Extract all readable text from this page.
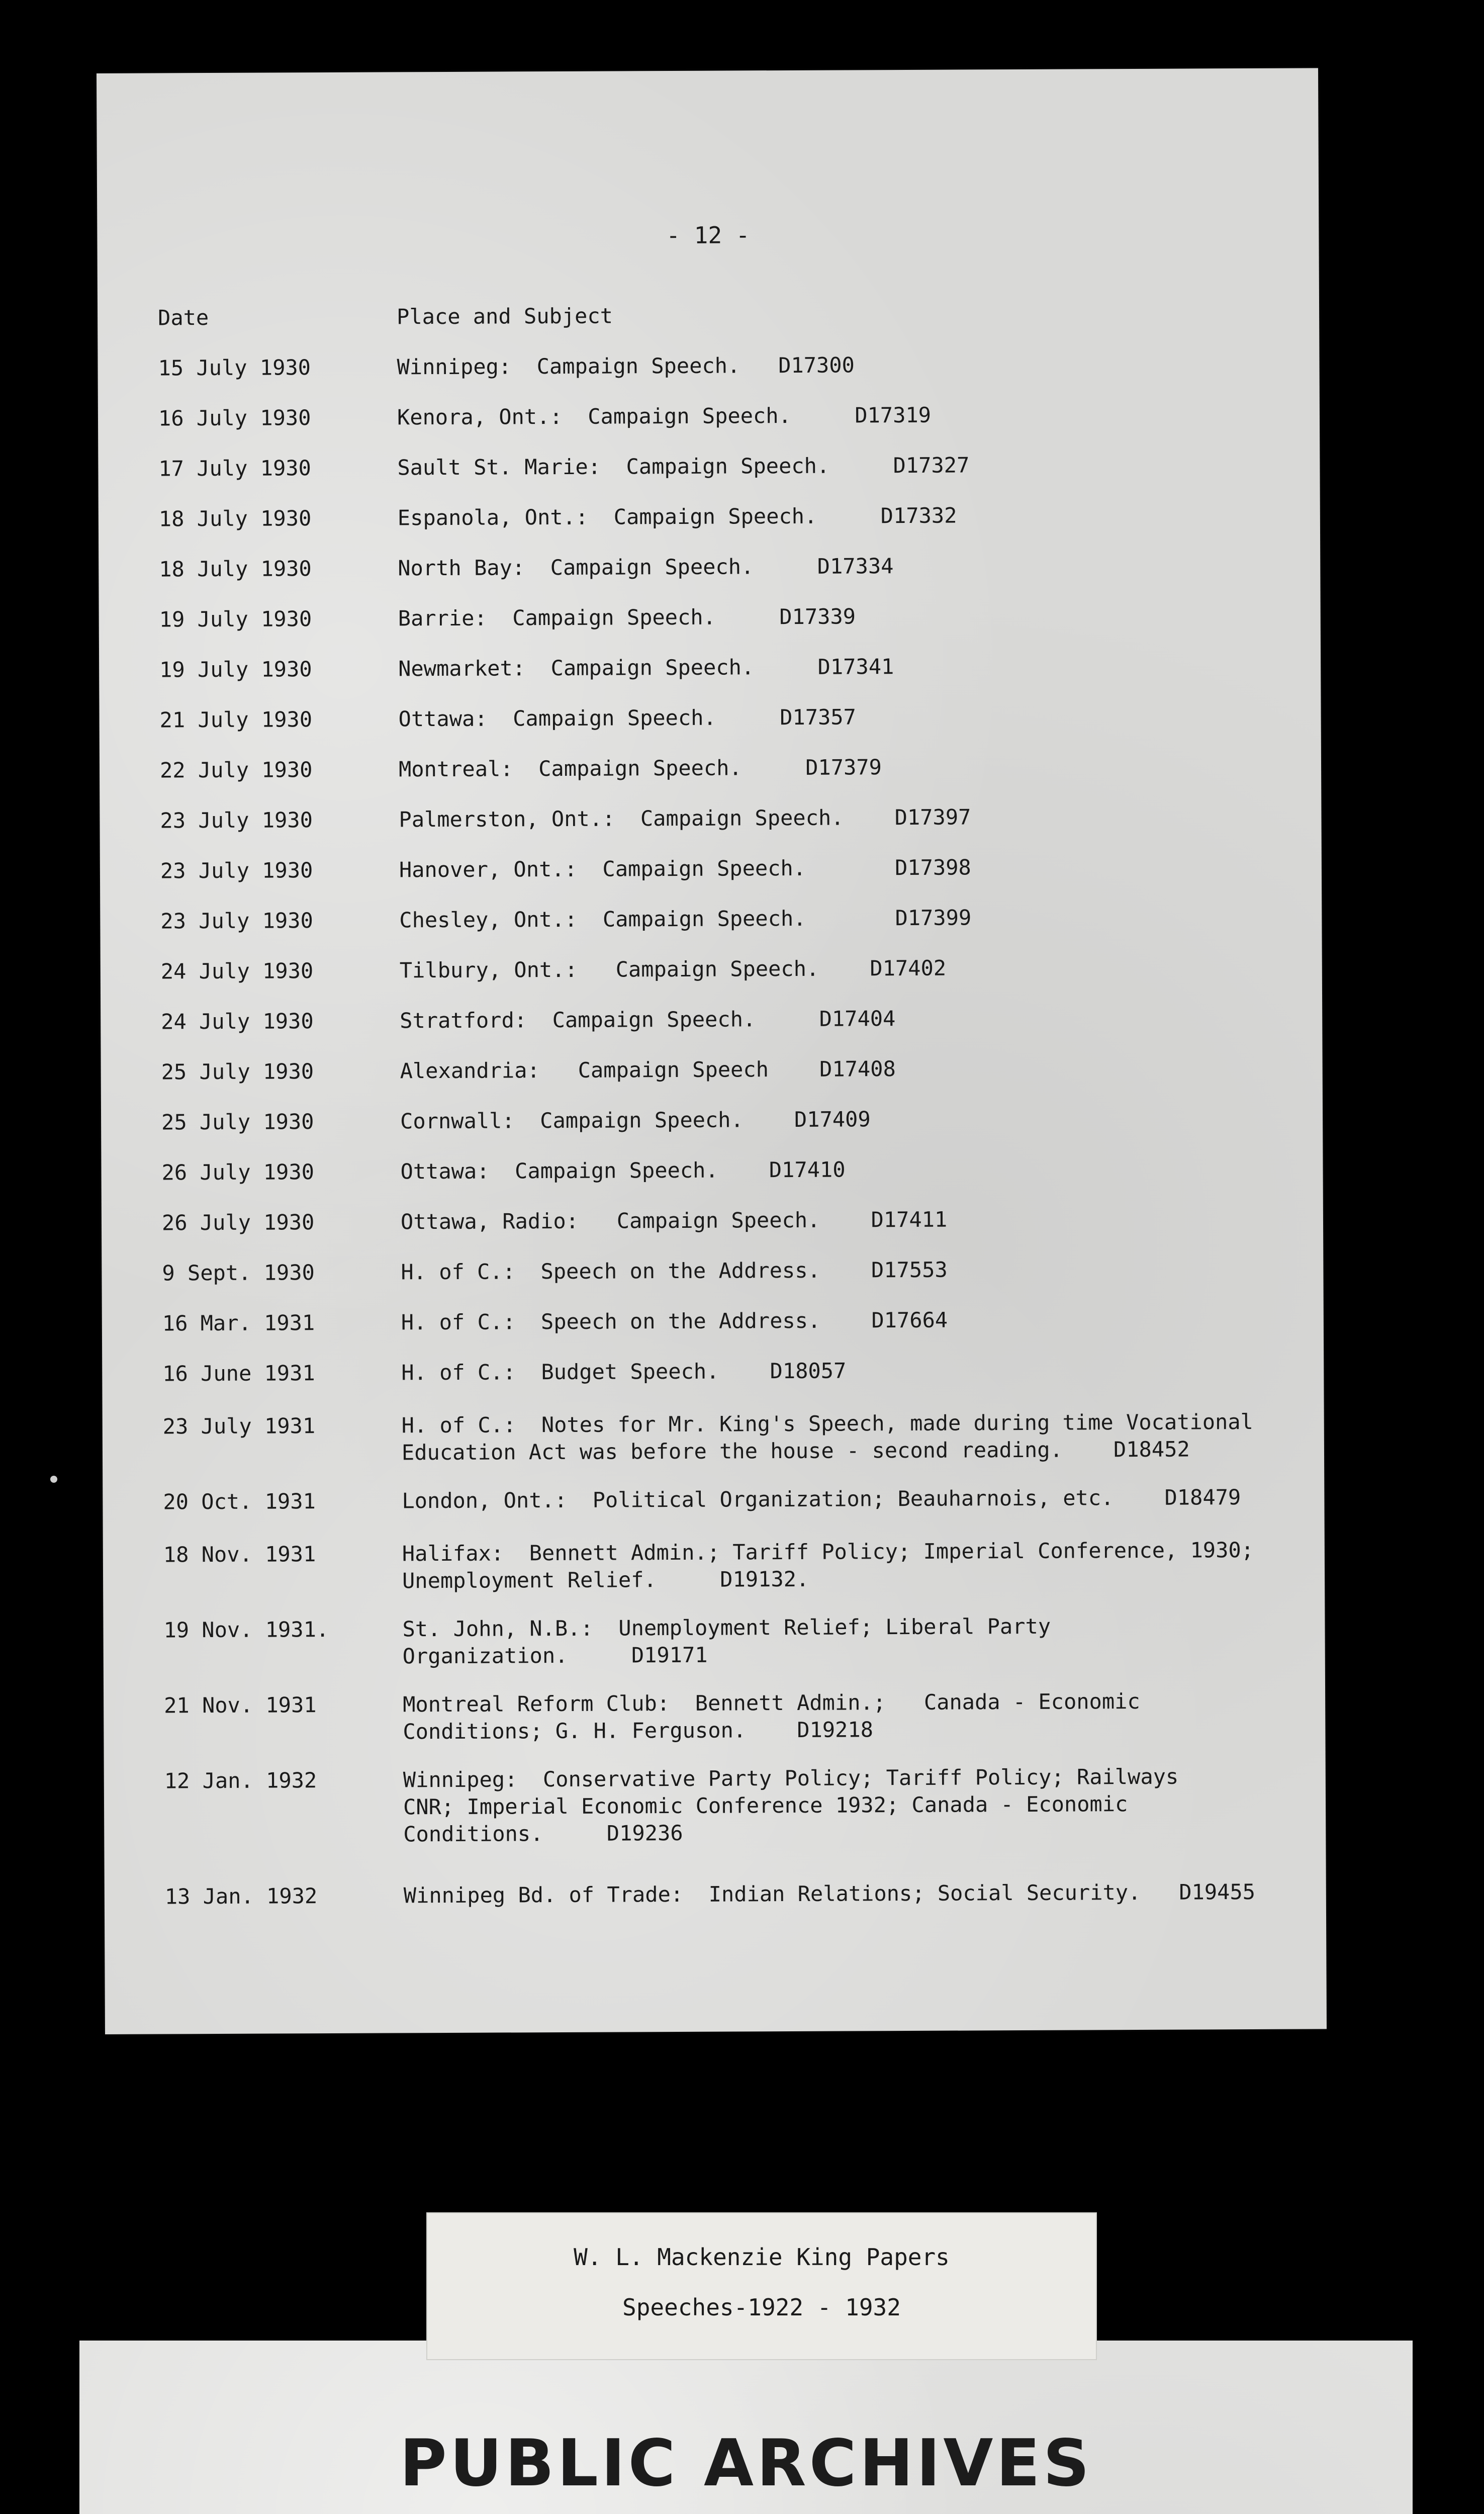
- 12 -
Date	Place and Subject
15 July 1930	Winnipeg:  Campaign Speech.   D17300
16 July 1930	Kenora, Ont.:  Campaign Speech.     D17319
17 July 1930	Sault St. Marie:  Campaign Speech.     D17327
18 July 1930	Espanola, Ont.:  Campaign Speech.     D17332
18 July 1930	North Bay:  Campaign Speech.     D17334
19 July 1930	Barrie:  Campaign Speech.     D17339
19 July 1930	Newmarket:  Campaign Speech.     D17341
21 July 1930	Ottawa:  Campaign Speech.     D17357
22 July 1930	Montreal:  Campaign Speech.     D17379
23 July 1930	Palmerston, Ont.:  Campaign Speech.    D17397
23 July 1930	Hanover, Ont.:  Campaign Speech.       D17398
23 July 1930	Chesley, Ont.:  Campaign Speech.       D17399
24 July 1930	Tilbury, Ont.:   Campaign Speech.    D17402
24 July 1930	Stratford:  Campaign Speech.     D17404
25 July 1930	Alexandria:   Campaign Speech    D17408
25 July 1930	Cornwall:  Campaign Speech.    D17409
26 July 1930	Ottawa:  Campaign Speech.    D17410
26 July 1930	Ottawa, Radio:   Campaign Speech.    D17411
9 Sept. 1930	H. of C.:  Speech on the Address.    D17553
16 Mar. 1931	H. of C.:  Speech on the Address.    D17664
16 June 1931	H. of C.:  Budget Speech.    D18057
23 July 1931	H. of C.:  Notes for Mr. King's Speech, made during time Vocational
Education Act was before the house - second reading.    D18452
20 Oct. 1931	London, Ont.:  Political Organization; Beauharnois, etc.    D18479
18 Nov. 1931	Halifax:  Bennett Admin.; Tariff Policy; Imperial Conference, 1930;
Unemployment Relief.     D19132.
19 Nov. 1931.	St. John, N.B.:  Unemployment Relief; Liberal Party
Organization.     D19171
21 Nov. 1931	Montreal Reform Club:  Bennett Admin.;   Canada - Economic
Conditions; G. H. Ferguson.    D19218
12 Jan. 1932	Winnipeg:  Conservative Party Policy; Tariff Policy; Railways
CNR; Imperial Economic Conference 1932; Canada - Economic
Conditions.     D19236
13 Jan. 1932	Winnipeg Bd. of Trade:  Indian Relations; Social Security.   D19455
PUBLIC ARCHIVES
W. L. Mackenzie King Papers
Speeches-1922 - 1932
